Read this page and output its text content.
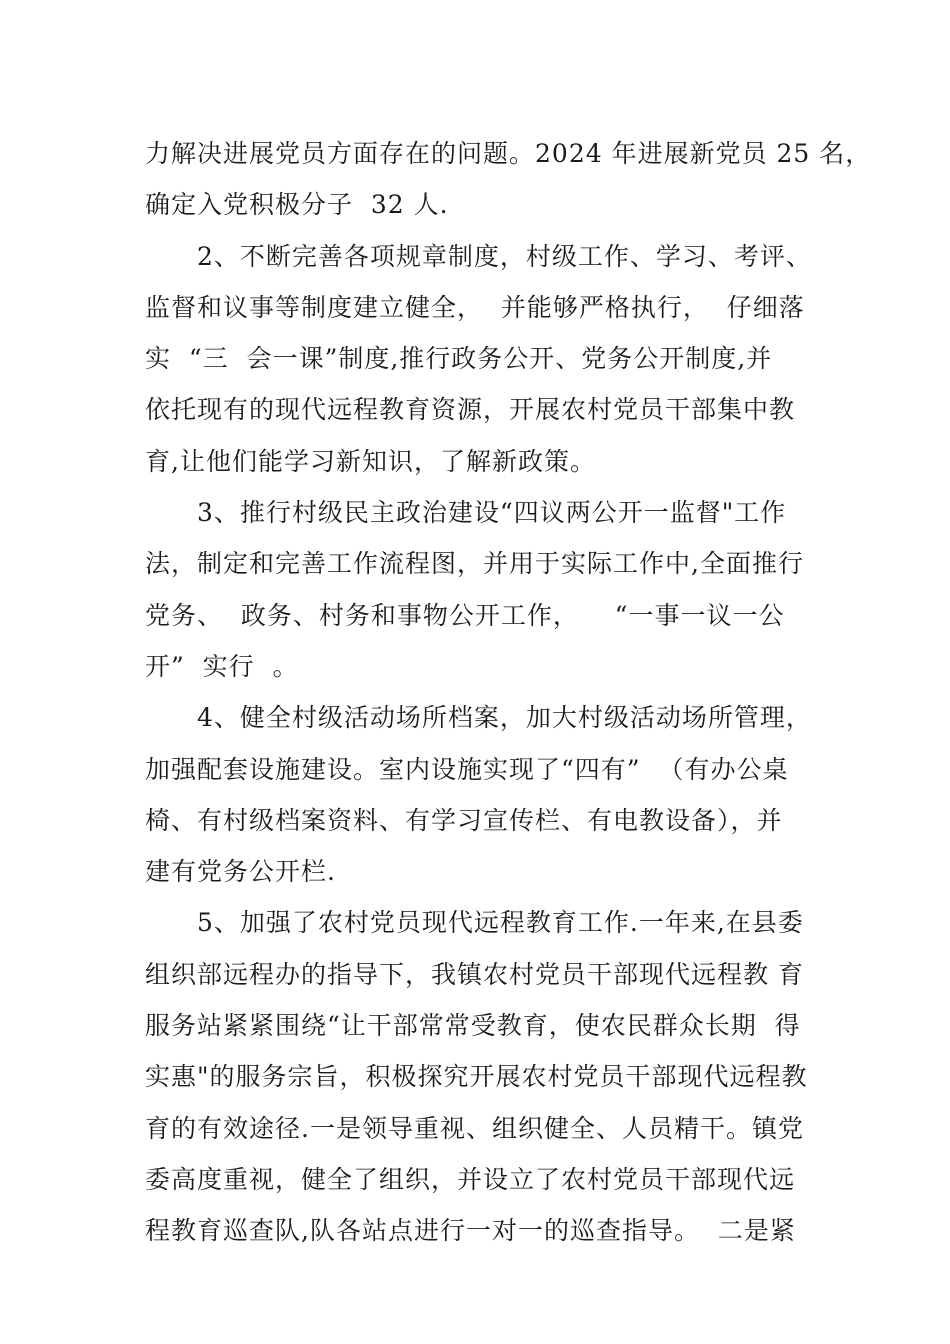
力解决进展党员方面存在的问题。2024 年进展新党员 25 名，
确定入党积极分子  32 人.
2、不断完善各项规章制度，村级工作、学习、考评、
监督和议事等制度建立健全，  并能够严格执行，  仔细落
实  “三  会一课”制度,推行政务公开、党务公开制度,并
依托现有的现代远程教育资源，开展农村党员干部集中教
育,让他们能学习新知识，了解新政策。
3、推行村级民主政治建设“四议两公开一监督"工作
法，制定和完善工作流程图，并用于实际工作中,全面推行
党务、  政务、村务和事物公开工作，    “一事一议一公
开”  实行  。
4、健全村级活动场所档案，加大村级活动场所管理，
加强配套设施建设。室内设施实现了“四有”  （有办公桌
椅、有村级档案资料、有学习宣传栏、有电教设备），并
建有党务公开栏.
5、加强了农村党员现代远程教育工作.一年来,在县委
组织部远程办的指导下，我镇农村党员干部现代远程教 育
服务站紧紧围绕“让干部常常受教育，使农民群众长期  得
实惠"的服务宗旨，积极探究开展农村党员干部现代远程教
育的有效途径.一是领导重视、组织健全、人员精干。镇党
委高度重视，健全了组织，并设立了农村党员干部现代远
程教育巡查队,队各站点进行一对一的巡查指导。  二是紧
